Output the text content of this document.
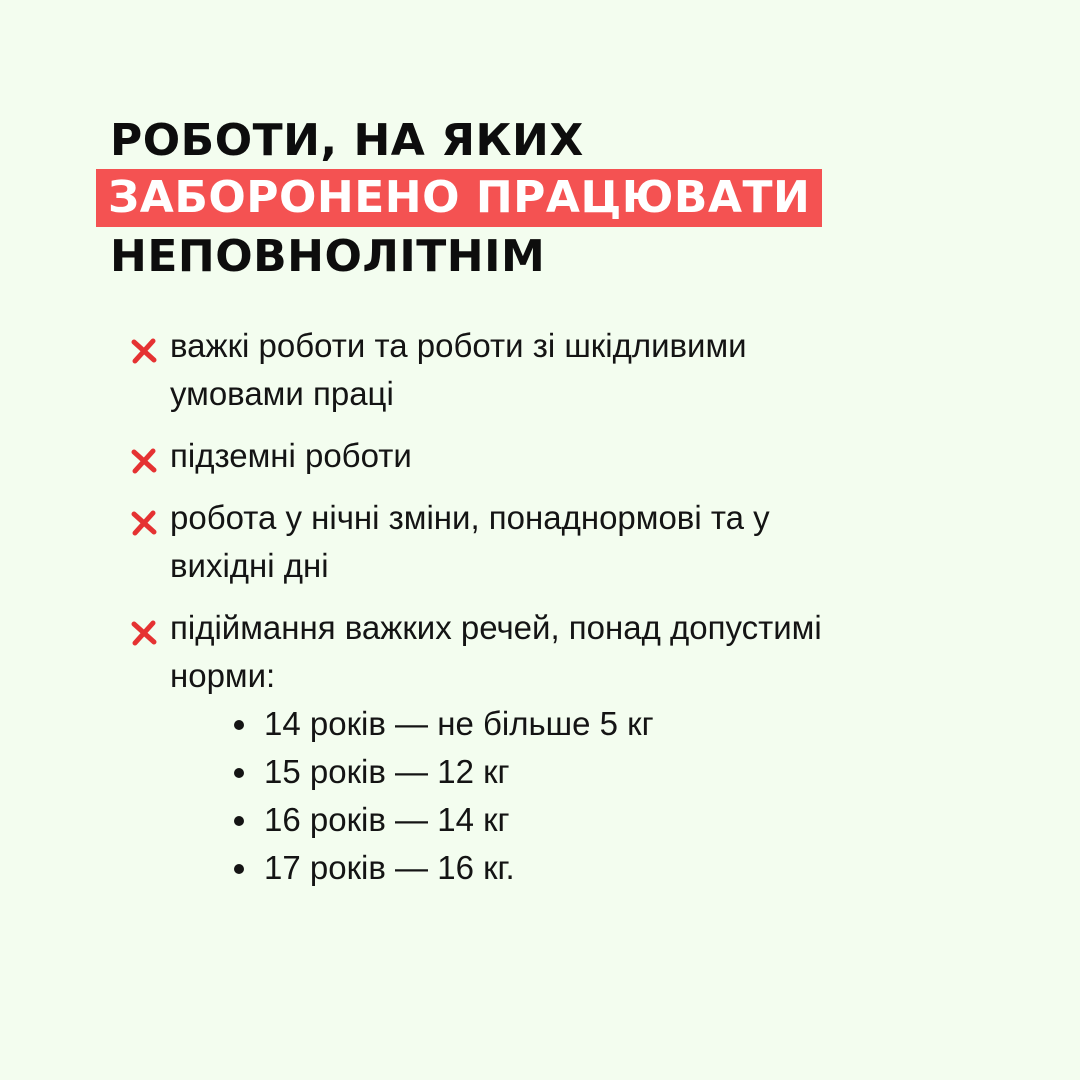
РОБОТИ, НА ЯКИХ
ЗАБОРОНЕНО ПРАЦЮВАТИ
НЕПОВНОЛІТНІМ
важкі роботи та роботи зі шкідливими умовами праці
підземні роботи
робота у нічні зміни, понаднормові та у вихідні дні
підіймання важких речей, понад допустимі норми:
14 років — не більше 5 кг
15 років — 12 кг
16 років — 14 кг
17 років — 16 кг.
